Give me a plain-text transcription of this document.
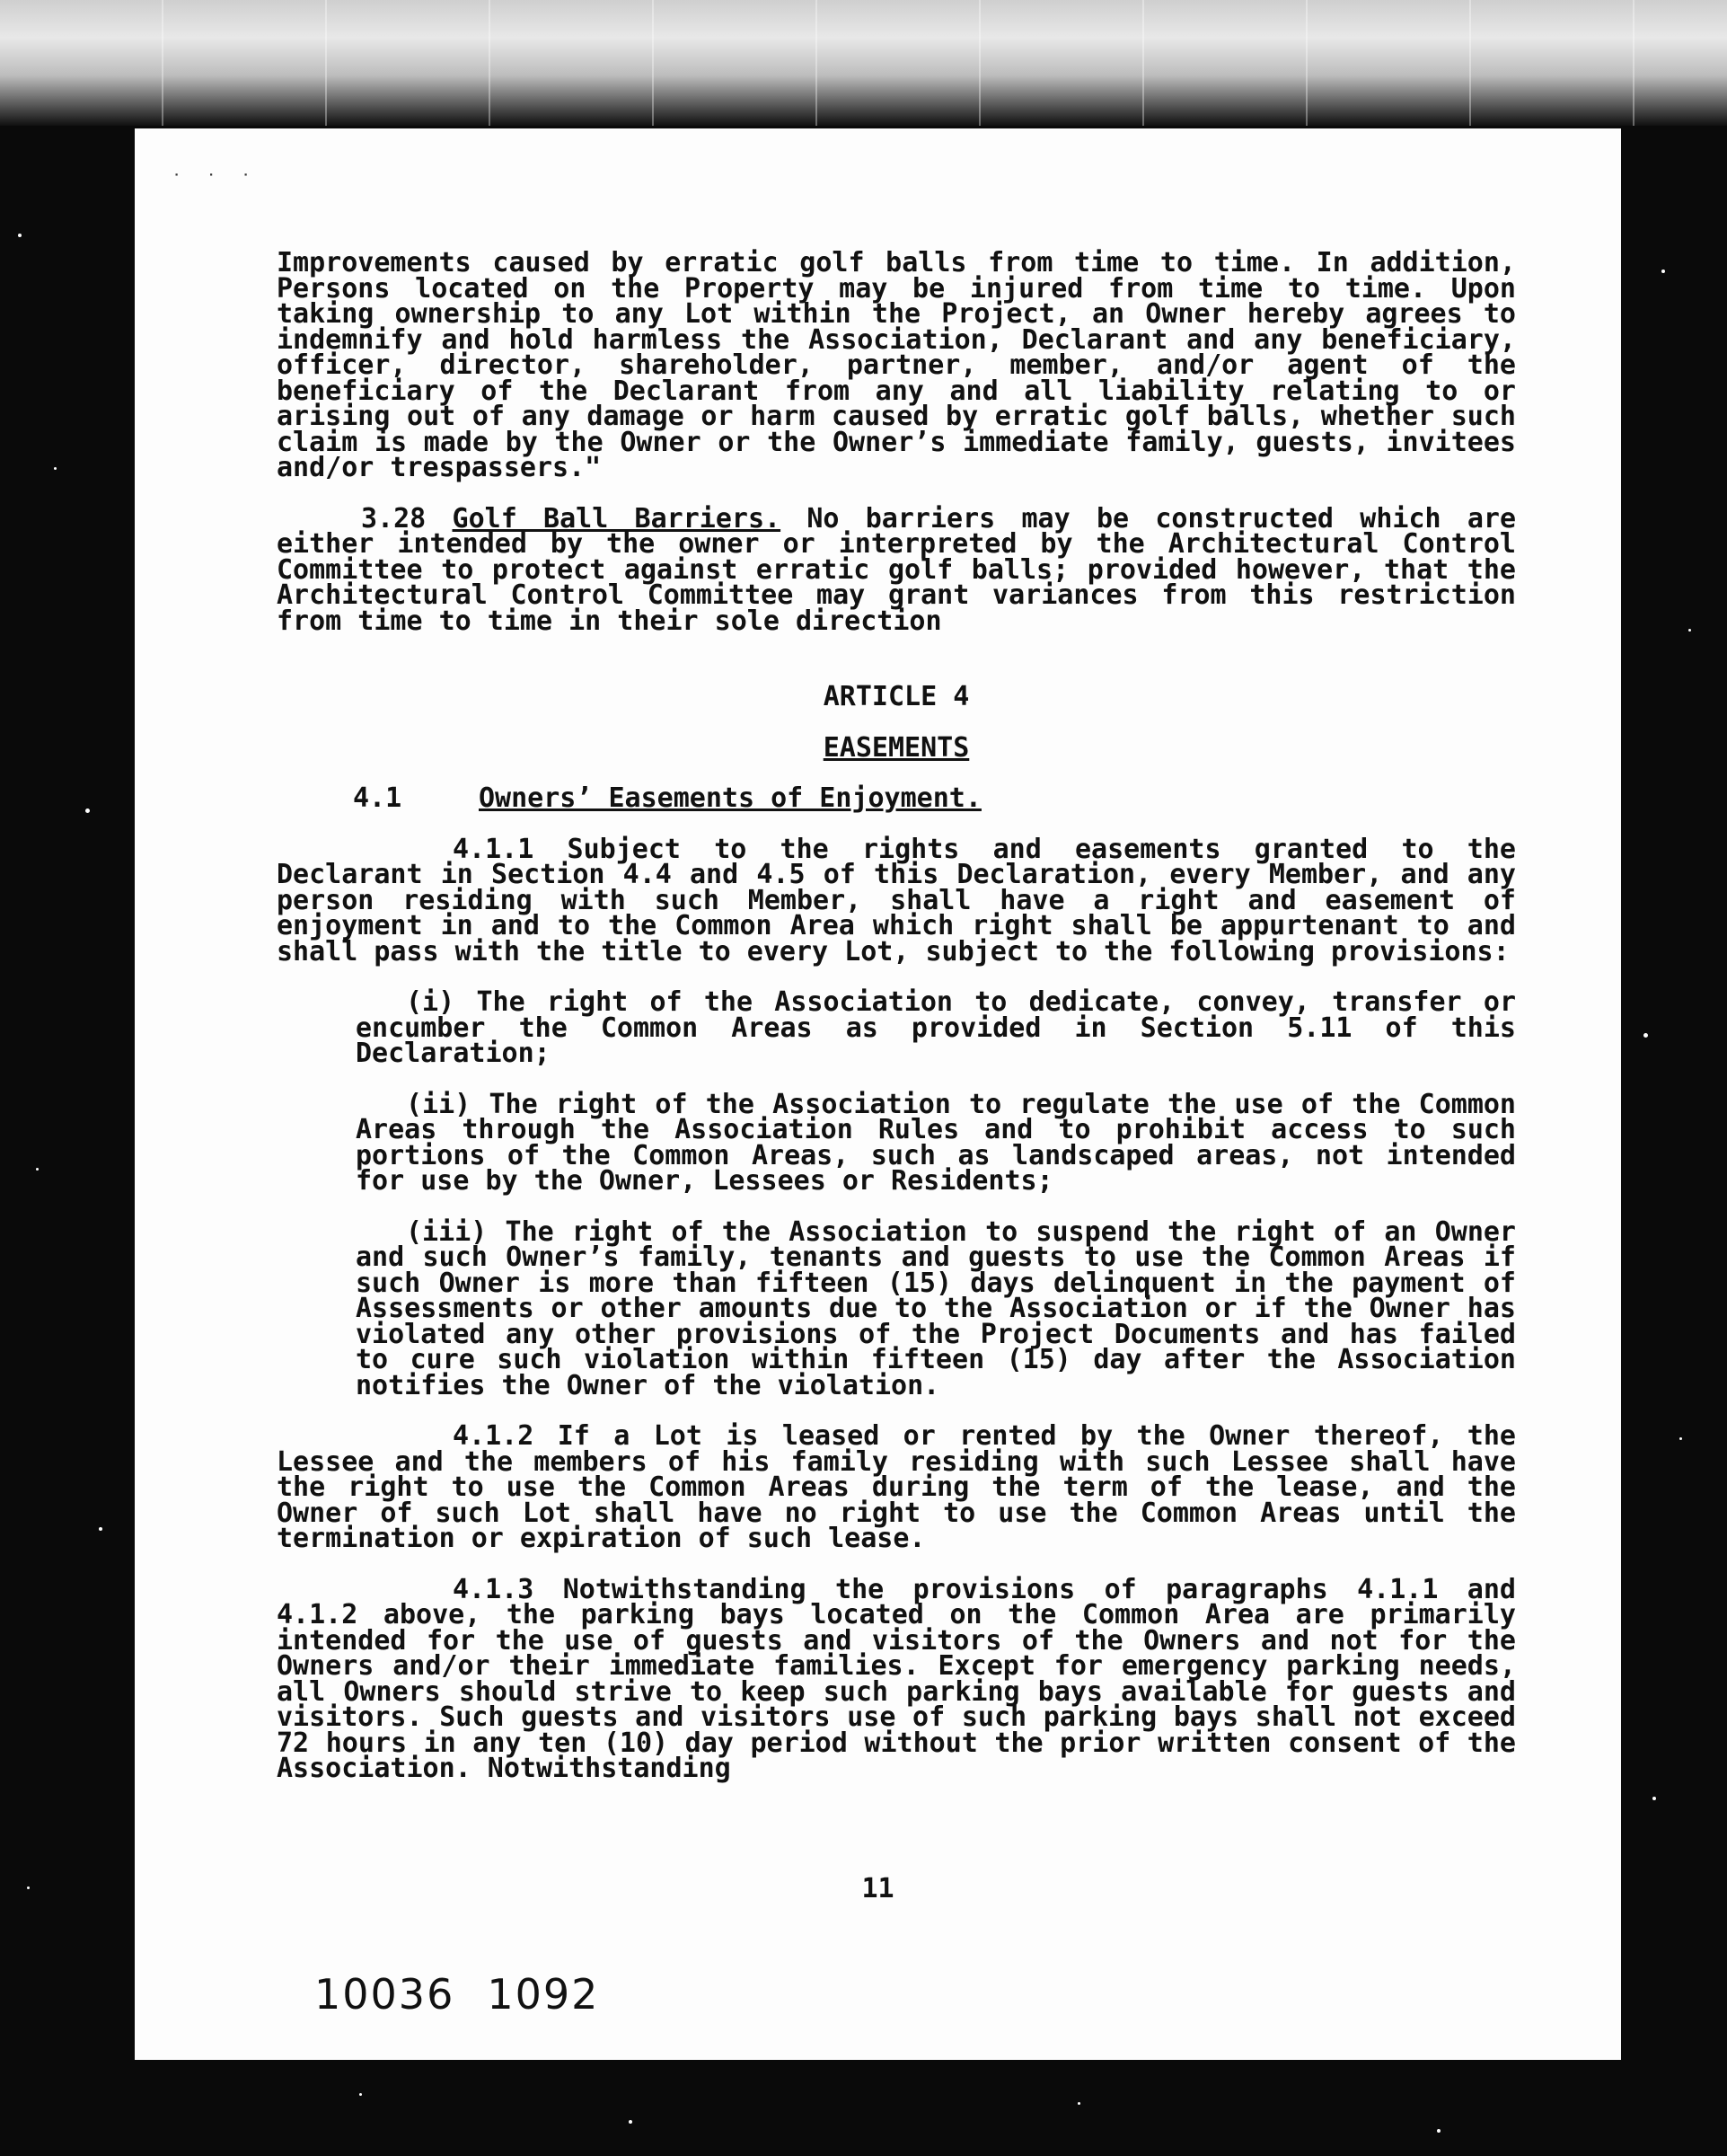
˙ ˙ ˙

Improvements caused by erratic golf balls from time to time. In addition, Persons located on the Property may be injured from time to time. Upon taking ownership to any Lot within the Project, an Owner hereby agrees to indemnify and hold harmless the Association, Declarant and any beneficiary, officer, director, shareholder, partner, member, and/or agent of the beneficiary of the Declarant from any and all liability relating to or arising out of any damage or harm caused by erratic golf balls, whether such claim is made by the Owner or the Owner’s immediate family, guests, invitees and/or trespassers."

3.28 Golf Ball Barriers. No barriers may be constructed which are either intended by the owner or interpreted by the Architectural Control Committee to protect against erratic golf balls; provided however, that the Architectural Control Committee may grant variances from this restriction from time to time in their sole direction

ARTICLE 4

EASEMENTS

4.1	Owners’ Easements of Enjoyment.

4.1.1 Subject to the rights and easements granted to the Declarant in Section 4.4 and 4.5 of this Declaration, every Member, and any person residing with such Member, shall have a right and easement of enjoyment in and to the Common Area which right shall be appurtenant to and shall pass with the title to every Lot, subject to the following provisions:

(i) The right of the Association to dedicate, convey, transfer or encumber the Common Areas as provided in Section 5.11 of this Declaration;

(ii) The right of the Association to regulate the use of the Common Areas through the Association Rules and to prohibit access to such portions of the Common Areas, such as landscaped areas, not intended for use by the Owner, Lessees or Residents;

(iii) The right of the Association to suspend the right of an Owner and such Owner’s family, tenants and guests to use the Common Areas if such Owner is more than fifteen (15) days delinquent in the payment of Assessments or other amounts due to the Association or if the Owner has violated any other provisions of the Project Documents and has failed to cure such violation within fifteen (15) day after the Association notifies the Owner of the violation.

4.1.2 If a Lot is leased or rented by the Owner thereof, the Lessee and the members of his family residing with such Lessee shall have the right to use the Common Areas during the term of the lease, and the Owner of such Lot shall have no right to use the Common Areas until the termination or expiration of such lease.

4.1.3 Notwithstanding the provisions of paragraphs 4.1.1 and 4.1.2 above, the parking bays located on the Common Area are primarily intended for the use of guests and visitors of the Owners and not for the Owners and/or their immediate families. Except for emergency parking needs, all Owners should strive to keep such parking bays available for guests and visitors. Such guests and visitors use of such parking bays shall not exceed 72 hours in any ten (10) day period without the prior written consent of the Association. Notwithstanding

11
10036 1092
